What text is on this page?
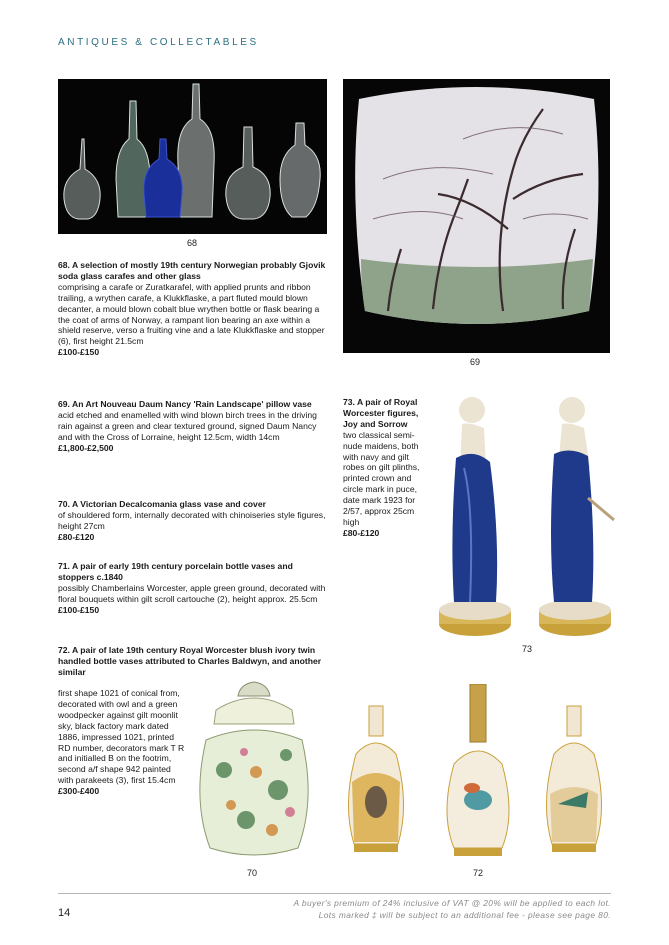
ANTIQUES & COLLECTABLES
68
69
68. A selection of mostly 19th century Norwegian probably Gjovik soda glass carafes and other glass
comprising a carafe or Zuratkarafel, with applied prunts and ribbon trailing, a wrythen carafe, a Klukkflaske, a part fluted mould blown decanter, a mould blown cobalt blue wrythen bottle or flask bearing a the coat of arms of Norway, a rampant lion bearing an axe within a shield reserve, verso a fruiting vine and a late Klukkflaske and stopper (6), first height 21.5cm
£100-£150
69. An Art Nouveau Daum Nancy 'Rain Landscape' pillow vase
acid etched and enamelled with wind blown birch trees in the driving rain against a green and clear textured ground, signed Daum Nancy and with the Cross of Lorraine, height 12.5cm, width 14cm
£1,800-£2,500
70. A Victorian Decalcomania glass vase and cover
of shouldered form, internally decorated with chinoiseries style figures, height 27cm
£80-£120
71. A pair of early 19th century porcelain bottle vases and stoppers c.1840
possibly Chamberlains Worcester, apple green ground, decorated with floral bouquets within gilt scroll cartouche (2), height approx. 25.5cm
£100-£150
72. A pair of late 19th century Royal Worcester blush ivory twin handled bottle vases attributed to Charles Baldwyn, and another similar
first shape 1021 of conical from, decorated with owl and a green woodpecker against gilt moonlit sky, black factory mark dated 1886, impressed 1021, printed RD number, decorators mark T R and initialled B on the footrim, second a/f shape 942 painted with parakeets (3), first 15.4cm
£300-£400
73. A pair of Royal Worcester figures, Joy and Sorrow
two classical semi-nude maidens, both with navy and gilt robes on gilt plinths, printed crown and circle mark in puce, date mark 1923 for 2/57, approx 25cm high
£80-£120
73
70	72
14
A buyer's premium of 24% inclusive of VAT @ 20% will be applied to each lot.
Lots marked ‡ will be subject to an additional fee - please see page 80.
